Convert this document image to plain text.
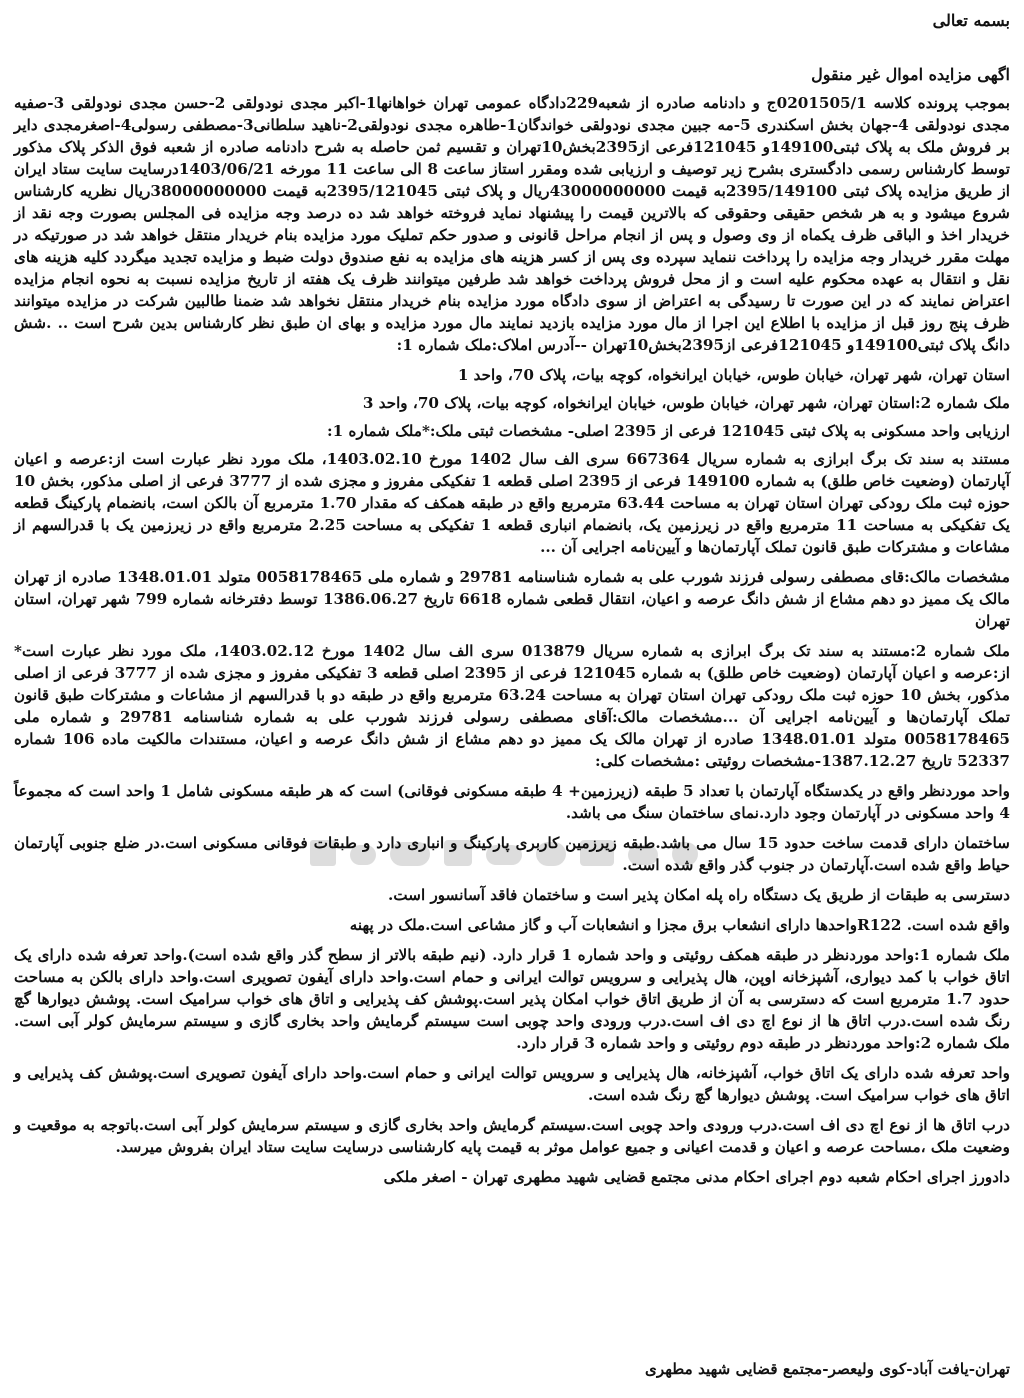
بسمه تعالی

اگهی مزایده اموال غیر منقول

بموجب پرونده کلاسه 0201505/1ج و دادنامه صادره از شعبه229دادگاه عمومی تهران خواهانها1-اکبر مجدی نودولقی 2-حسن مجدی نودولقی 3-صفیه مجدی نودولقی 4-جهان بخش اسکندری 5-مه جبین مجدی نودولقی خواندگان1-طاهره مجدی نودولقی2-ناهید سلطانی3-مصطفی رسولی4-اصغرمجدی دایر بر فروش ملک به پلاک ثبتی149100و 121045فرعی از2395بخش10تهران و تقسیم ثمن حاصله به شرح دادنامه صادره از شعبه فوق الذکر پلاک مذکور توسط کارشناس رسمی دادگستری بشرح زیر توصیف و ارزیابی شده ومقرر استاز ساعت 8 الی ساعت 11 مورخه 1403/06/21درسایت سایت ستاد ایران از طریق مزایده پلاک ثبتی 2395/149100به قیمت 43000000000ریال و پلاک ثبتی 2395/121045به قیمت 38000000000ریال نظریه کارشناس شروع میشود و به هر شخص حقیقی وحقوقی که بالاترین قیمت را پیشنهاد نماید فروخته خواهد شد ده درصد وجه مزایده فی المجلس بصورت وجه نقد از خریدار اخذ و الباقی ظرف یکماه از وی وصول و پس از انجام مراحل قانونی و صدور حکم تملیک مورد مزایده بنام خریدار منتقل خواهد شد در صورتیکه در مهلت مقرر خریدار وجه مزایده را پرداخت ننماید سپرده وی پس از کسر هزینه های مزایده به نفع صندوق دولت ضبط و مزایده تجدید میگردد کلیه هزینه های نقل و انتقال به عهده محکوم علیه است و از محل فروش پرداخت خواهد شد طرفین میتوانند ظرف یک هفته از تاریخ مزایده نسبت به نحوه انجام مزایده اعتراض نمایند که در این صورت تا رسیدگی به اعتراض از سوی دادگاه مورد مزایده بنام خریدار منتقل نخواهد شد ضمنا طالبین شرکت در مزایده میتوانند ظرف پنج روز قبل از مزایده با اطلاع این اجرا از مال مورد مزایده بازدید نمایند مال مورد مزایده و بهای ان طبق نظر کارشناس بدین شرح است .. .شش دانگ پلاک ثبتی149100و 121045فرعی از2395بخش10تهران --آدرس املاک:ملک شماره 1:

استان تهران، شهر تهران، خیابان طوس، خیابان ایرانخواه، کوچه بیات، پلاک 70، واحد 1

ملک شماره 2:استان تهران، شهر تهران، خیابان طوس، خیابان ایرانخواه، کوچه بیات، پلاک 70، واحد 3

ارزیابی واحد مسکونی به پلاک ثبتی 121045 فرعی از 2395 اصلی- مشخصات ثبتی ملک:*ملک شماره 1:

مستند به سند تک برگ ابرازی به شماره سریال 667364 سری الف سال 1402 مورخ 1403.02.10، ملک مورد نظر عبارت است از:عرصه و اعیان آپارتمان (وضعیت خاص طلق) به شماره 149100 فرعی از 2395 اصلی قطعه 1 تفکیکی مفروز و مجزی شده از 3777 فرعی از اصلی مذکور، بخش 10 حوزه ثبت ملک رودکی تهران استان تهران به مساحت 63.44 مترمربع واقع در طبقه همکف که مقدار 1.70 مترمربع آن بالکن است، بانضمام پارکینگ قطعه یک تفکیکی به مساحت 11 مترمربع واقع در زیرزمین یک، بانضمام انباری قطعه 1 تفکیکی به مساحت 2.25 مترمربع واقع در زیرزمین یک با قدرالسهم از مشاعات و مشترکات طبق قانون تملک آپارتمان‌ها و آیین‌نامه اجرایی آن ...

مشخصات مالک:قای مصطفی رسولی فرزند شورب علی به شماره شناسنامه 29781 و شماره ملی 0058178465 متولد 1348.01.01 صادره از تهران مالک یک ممیز دو دهم مشاع از شش دانگ عرصه و اعیان، انتقال قطعی شماره 6618 تاریخ 1386.06.27 توسط دفترخانه شماره 799 شهر تهران، استان تهران

ملک شماره 2:مستند به سند تک برگ ابرازی به شماره سریال 013879 سری الف سال 1402 مورخ 1403.02.12، ملک مورد نظر عبارت است* از:عرصه و اعیان آپارتمان (وضعیت خاص طلق) به شماره 121045 فرعی از 2395 اصلی قطعه 3 تفکیکی مفروز و مجزی شده از 3777 فرعی از اصلی مذکور، بخش 10 حوزه ثبت ملک رودکی تهران استان تهران به مساحت 63.24 مترمربع واقع در طبقه دو با قدرالسهم از مشاعات و مشترکات طبق قانون تملک آپارتمان‌ها و آیین‌نامه اجرایی آن ...مشخصات مالک:آقای مصطفی رسولی فرزند شورب علی به شماره شناسنامه 29781 و شماره ملی 0058178465 متولد 1348.01.01 صادره از تهران مالک یک ممیز دو دهم مشاع از شش دانگ عرصه و اعیان، مستندات مالکیت ماده 106 شماره 52337 تاریخ 1387.12.27-مشخصات روئیتی :مشخصات کلی:

واحد موردنظر واقع در یکدستگاه آپارتمان با تعداد 5 طبقه (زیرزمین+ 4 طبقه مسکونی فوقانی) است که هر طبقه مسکونی شامل 1 واحد است که مجموعاً 4 واحد مسکونی در آپارتمان وجود دارد.نمای ساختمان سنگ می باشد.

ساختمان دارای قدمت ساخت حدود 15 سال می باشد.طبقه زیرزمین کاربری پارکینگ و انباری دارد و طبقات فوقانی مسکونی است.در ضلع جنوبی آپارتمان حیاط واقع شده است.آپارتمان در جنوب گذر واقع شده است.

دسترسی به طبقات از طریق یک دستگاه راه پله امکان پذیر است و ساختمان فاقد آسانسور است.

واقع شده است. R122واحدها دارای انشعاب برق مجزا و انشعابات آب و گاز مشاعی است.ملک در پهنه

ملک شماره 1:واحد موردنظر در طبقه همکف روئیتی و واحد شماره 1 قرار دارد. (نیم طبقه بالاتر از سطح گذر واقع شده است).واحد تعرفه شده دارای یک اتاق خواب با کمد دیواری، آشپزخانه اوپن، هال پذیرایی و سرویس توالت ایرانی و حمام است.واحد دارای آیفون تصویری است.واحد دارای بالکن به مساحت حدود 1.7 مترمربع است که دسترسی به آن از طریق اتاق خواب امکان پذیر است.پوشش کف پذیرایی و اتاق های خواب سرامیک است. پوشش دیوارها گچ رنگ شده است.درب اتاق ها از نوع اچ دی اف است.درب ورودی واحد چوبی است سیستم گرمایش واحد بخاری گازی و سیستم سرمایش کولر آبی است. ملک شماره 2:واحد موردنظر در طبقه دوم روئیتی و واحد شماره 3 قرار دارد.

واحد تعرفه شده دارای یک اتاق خواب، آشپزخانه، هال پذیرایی و سرویس توالت ایرانی و حمام است.واحد دارای آیفون تصویری است.پوشش کف پذیرایی و اتاق های خواب سرامیک است. پوشش دیوارها گچ رنگ شده است.

درب اتاق ها از نوع اچ دی اف است.درب ورودی واحد چوبی است.سیستم گرمایش واحد بخاری گازی و سیستم سرمایش کولر آبی است.باتوجه به موقعیت و وضعیت ملک ،مساحت عرصه و اعیان و قدمت اعیانی و جمیع عوامل موثر به قیمت پایه کارشناسی درسایت سایت ستاد ایران بفروش میرسد.

دادورز اجرای احکام شعبه دوم اجرای احکام مدنی مجتمع قضایی شهید مطهری تهران - اصغر ملکی

تهران-یافت آباد-کوی ولیعصر-مجتمع قضایی شهید مطهری
